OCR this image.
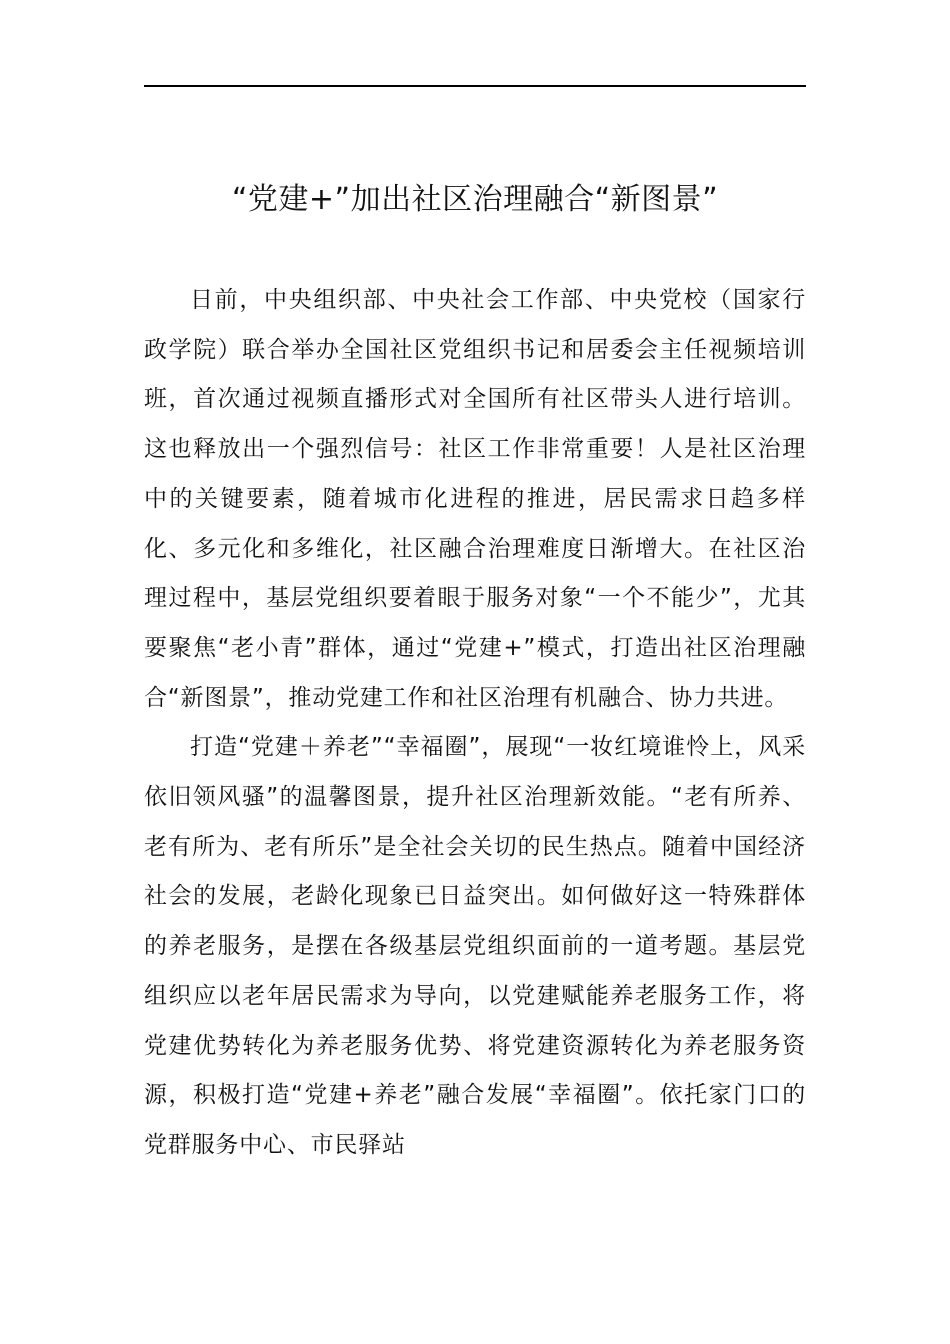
“党建+”加出社区治理融合“新图景”

日前，中央组织部、中央社会工作部、中央党校（国家行政学院）联合举办全国社区党组织书记和居委会主任视频培训班，首次通过视频直播形式对全国所有社区带头人进行培训。这也释放出一个强烈信号：社区工作非常重要！人是社区治理中的关键要素，随着城市化进程的推进，居民需求日趋多样化、多元化和多维化，社区融合治理难度日渐增大。在社区治理过程中，基层党组织要着眼于服务对象“一个不能少”，尤其要聚焦“老小青”群体，通过“党建+”模式，打造出社区治理融合“新图景”，推动党建工作和社区治理有机融合、协力共进。

打造“党建＋养老”“幸福圈”，展现“一妆红境谁怜上，风采依旧领风骚”的温馨图景，提升社区治理新效能。“老有所养、老有所为、老有所乐”是全社会关切的民生热点。随着中国经济社会的发展，老龄化现象已日益突出。如何做好这一特殊群体的养老服务，是摆在各级基层党组织面前的一道考题。基层党组织应以老年居民需求为导向，以党建赋能养老服务工作，将党建优势转化为养老服务优势、将党建资源转化为养老服务资源，积极打造“党建+养老”融合发展“幸福圈”。依托家门口的党群服务中心、市民驿站
